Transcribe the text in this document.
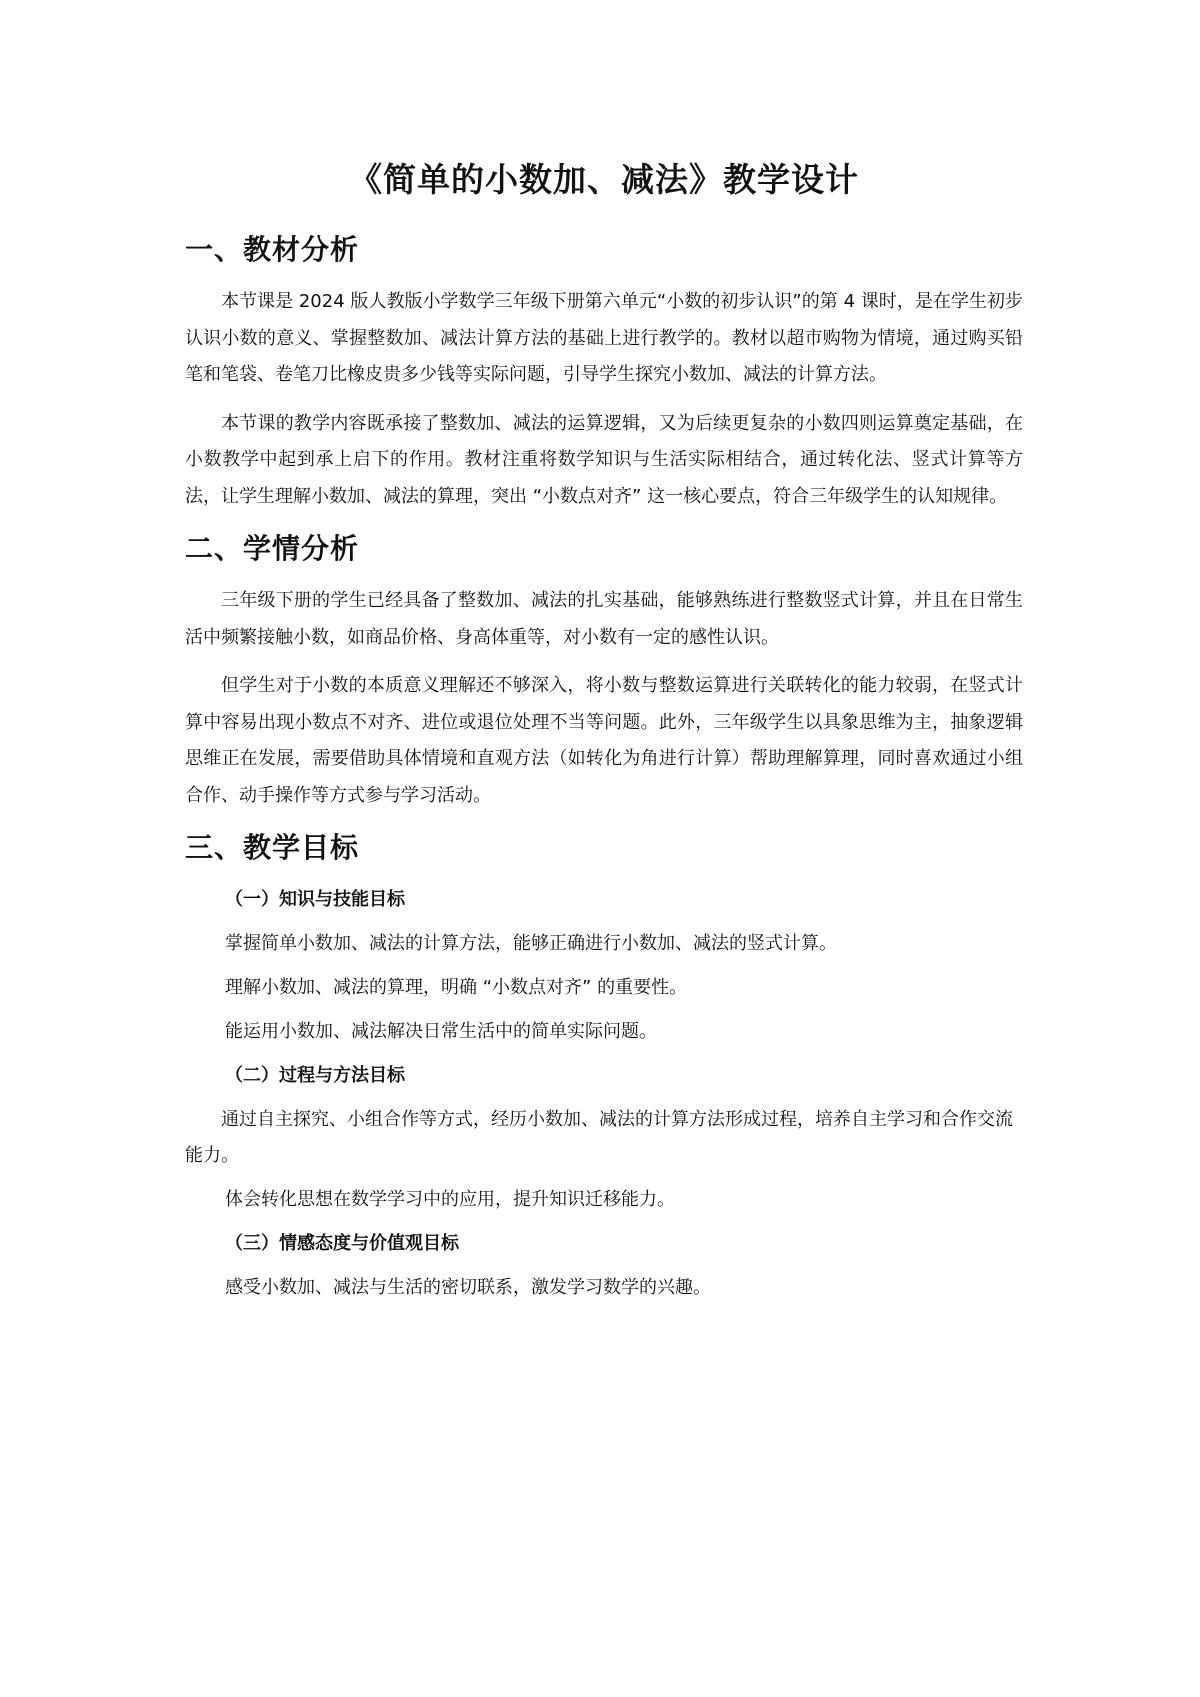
《简单的小数加、减法》教学设计
一、教材分析

本节课是 2024 版人教版小学数学三年级下册第六单元“小数的初步认识”的第 4 课时，是在学生初步认识小数的意义、掌握整数加、减法计算方法的基础上进行教学的。教材以超市购物为情境，通过购买铅笔和笔袋、卷笔刀比橡皮贵多少钱等实际问题，引导学生探究小数加、减法的计算方法。

本节课的教学内容既承接了整数加、减法的运算逻辑，又为后续更复杂的小数四则运算奠定基础，在小数教学中起到承上启下的作用。教材注重将数学知识与生活实际相结合，通过转化法、竖式计算等方法，让学生理解小数加、减法的算理，突出 “小数点对齐” 这一核心要点，符合三年级学生的认知规律。

二、学情分析

三年级下册的学生已经具备了整数加、减法的扎实基础，能够熟练进行整数竖式计算，并且在日常生活中频繁接触小数，如商品价格、身高体重等，对小数有一定的感性认识。

但学生对于小数的本质意义理解还不够深入，将小数与整数运算进行关联转化的能力较弱，在竖式计算中容易出现小数点不对齐、进位或退位处理不当等问题。此外，三年级学生以具象思维为主，抽象逻辑思维正在发展，需要借助具体情境和直观方法（如转化为角进行计算）帮助理解算理，同时喜欢通过小组合作、动手操作等方式参与学习活动。

三、教学目标
（一）知识与技能目标

掌握简单小数加、减法的计算方法，能够正确进行小数加、减法的竖式计算。

理解小数加、减法的算理，明确 “小数点对齐” 的重要性。

能运用小数加、减法解决日常生活中的简单实际问题。

（二）过程与方法目标

通过自主探究、小组合作等方式，经历小数加、减法的计算方法形成过程，培养自主学习和合作交流能力。

体会转化思想在数学学习中的应用，提升知识迁移能力。

（三）情感态度与价值观目标

感受小数加、减法与生活的密切联系，激发学习数学的兴趣。
